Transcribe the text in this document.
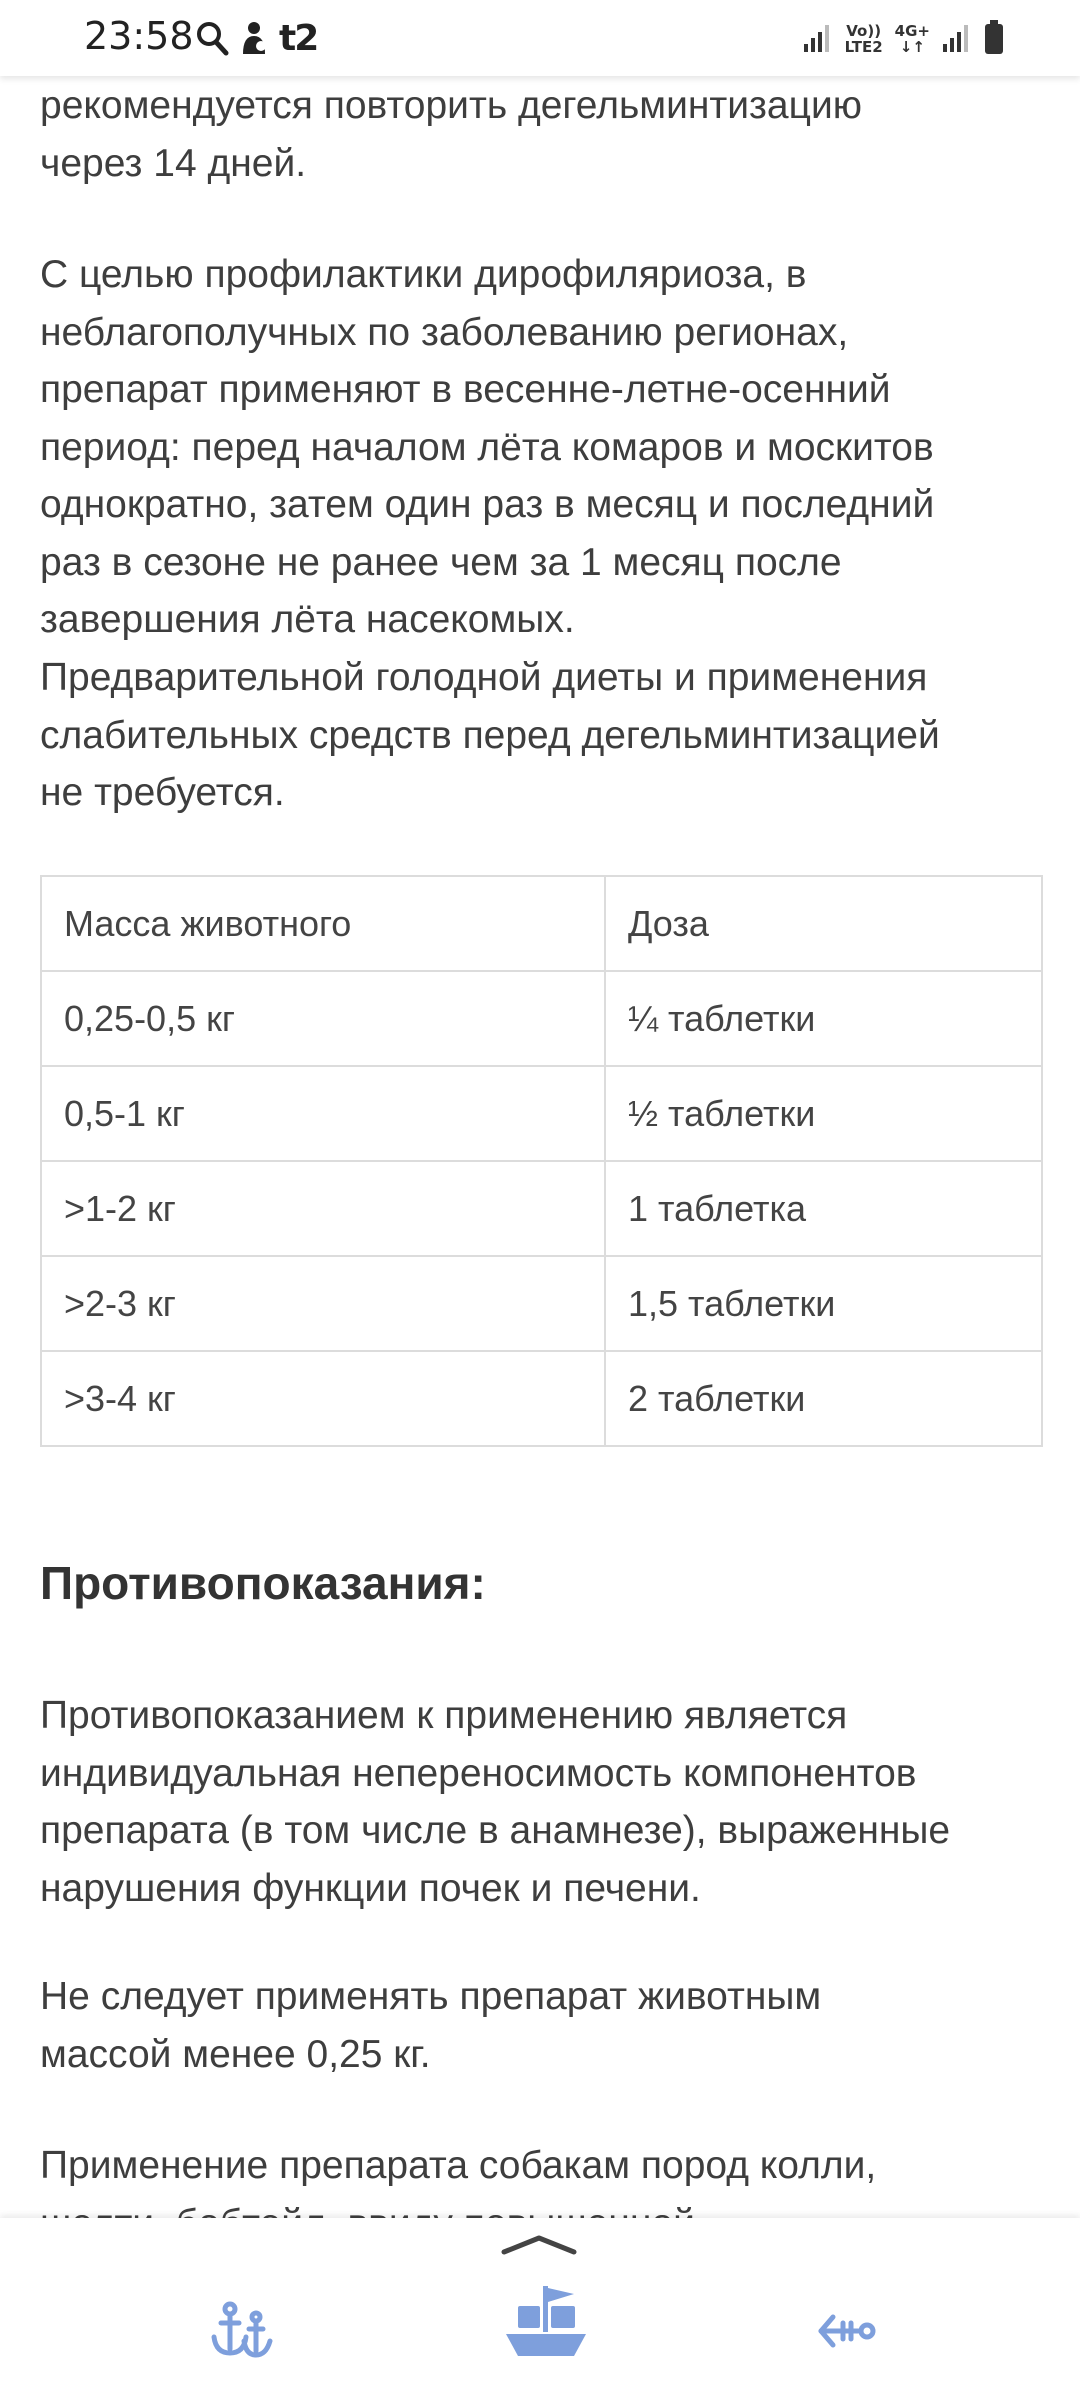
23:58 t2	Vo))
LTE2
4G+
↓↑

рекомендуется повторить дегельминтизацию
через 14 дней.

С целью профилактики дирофиляриоза, в
неблагополучных по заболеванию регионах,
препарат применяют в весенне-летне-осенний
период: перед началом лёта комаров и москитов
однократно, затем один раз в месяц и последний
раз в сезоне не ранее чем за 1 месяц после
завершения лёта насекомых.

Предварительной голодной диеты и применения
слабительных средств перед дегельминтизацией
не требуется.

Масса животного	Доза
0,25-0,5 кг	¼ таблетки
0,5-1 кг	½ таблетки
>1-2 кг	1 таблетка
>2-3 кг	1,5 таблетки
>3-4 кг	2 таблетки
Противопоказания:

Противопоказанием к применению является
индивидуальная непереносимость компонентов
препарата (в том числе в анамнезе), выраженные
нарушения функции почек и печени.

Не следует применять препарат животным
массой менее 0,25 кг.

Применение препарата собакам пород колли,
